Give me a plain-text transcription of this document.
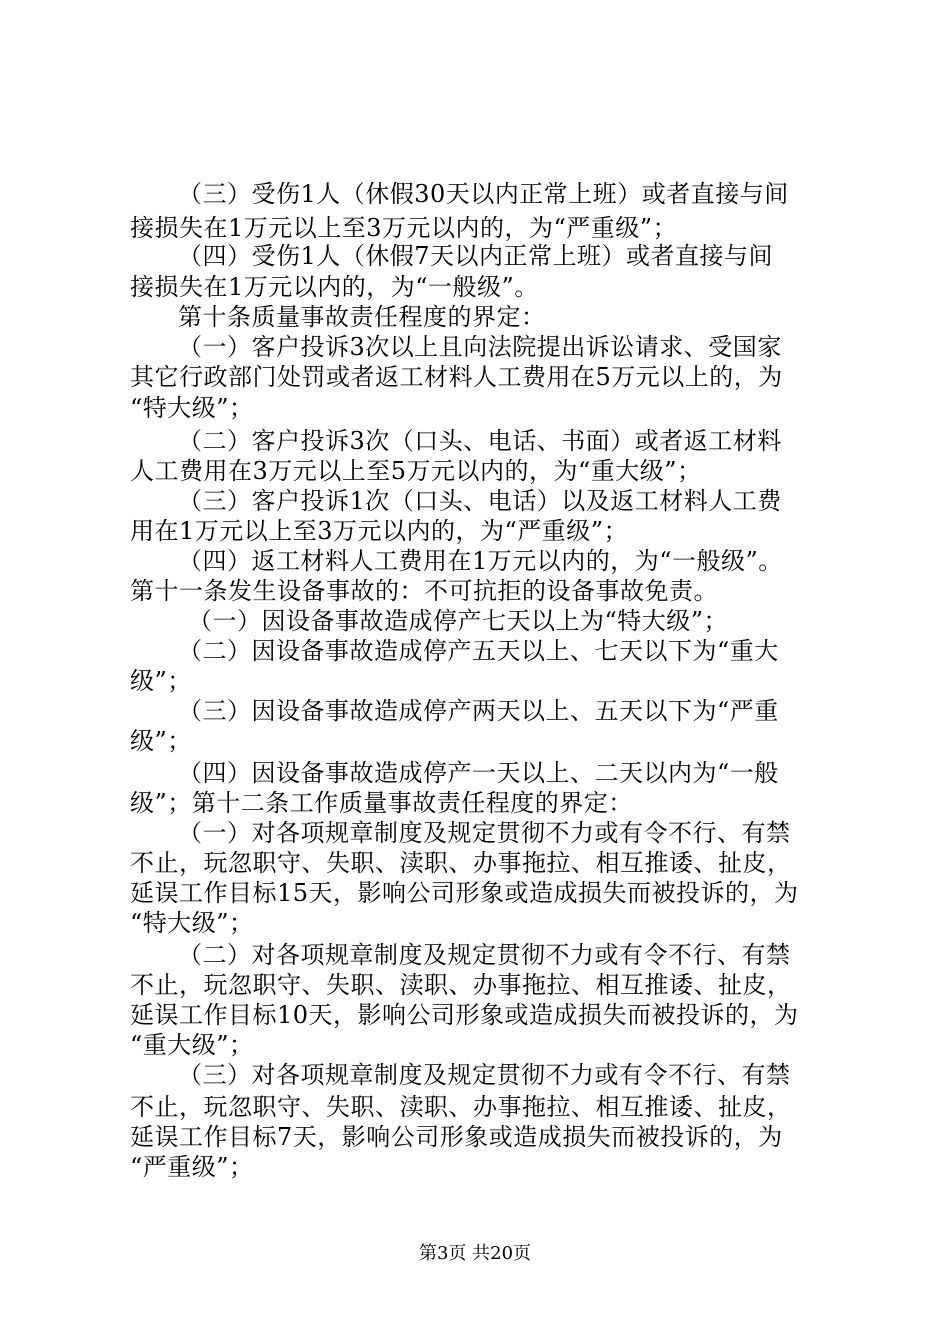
（三）受伤1人（休假30天以内正常上班）或者直接与间
接损失在1万元以上至3万元以内的，为“严重级”；
（四）受伤1人（休假7天以内正常上班）或者直接与间
接损失在1万元以内的，为“一般级”。
第十条质量事故责任程度的界定：
（一）客户投诉3次以上且向法院提出诉讼请求、受国家
其它行政部门处罚或者返工材料人工费用在5万元以上的，为
“特大级”；
（二）客户投诉3次（口头、电话、书面）或者返工材料
人工费用在3万元以上至5万元以内的，为“重大级”；
（三）客户投诉1次（口头、电话）以及返工材料人工费
用在1万元以上至3万元以内的，为“严重级”；
（四）返工材料人工费用在1万元以内的，为“一般级”。
第十一条发生设备事故的：不可抗拒的设备事故免责。
（一）因设备事故造成停产七天以上为“特大级”；
（二）因设备事故造成停产五天以上、七天以下为“重大
级”；
（三）因设备事故造成停产两天以上、五天以下为“严重
级”；
（四）因设备事故造成停产一天以上、二天以内为“一般
级”；第十二条工作质量事故责任程度的界定：
（一）对各项规章制度及规定贯彻不力或有令不行、有禁
不止，玩忽职守、失职、渎职、办事拖拉、相互推诿、扯皮，
延误工作目标15天，影响公司形象或造成损失而被投诉的，为
“特大级”；
（二）对各项规章制度及规定贯彻不力或有令不行、有禁
不止，玩忽职守、失职、渎职、办事拖拉、相互推诿、扯皮，
延误工作目标10天，影响公司形象或造成损失而被投诉的，为
“重大级”；
（三）对各项规章制度及规定贯彻不力或有令不行、有禁
不止，玩忽职守、失职、渎职、办事拖拉、相互推诿、扯皮，
延误工作目标7天，影响公司形象或造成损失而被投诉的，为
“严重级”；
第3页 共20页
